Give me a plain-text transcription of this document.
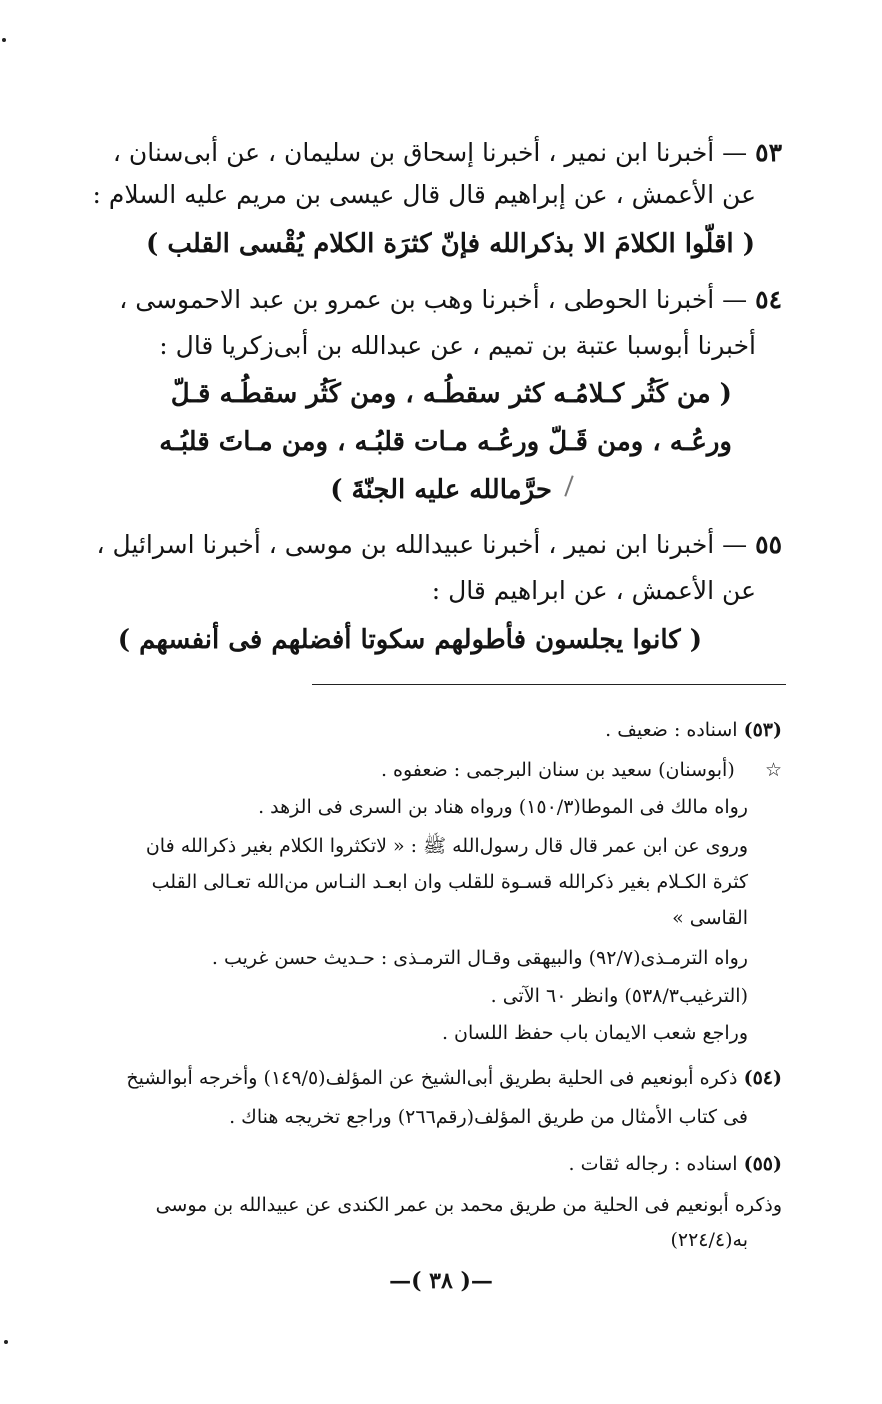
٥٣ — أخبرنا ابن نمير ، أخبرنا إسحاق بن سليمان ، عن أبى‌سنان ،
عن الأعمش ، عن إبراهيم قال قال عيسى بن مريم عليه السلام :
( اقلّوا الكلامَ الا بذكرالله فإنّ كثرَة الكلام يُقْسى القلب )
٥٤ — أخبرنا الحوطى ، أخبرنا وهب بن عمرو بن عبد الاحموسى ،
أخبرنا أبوسبا عتبة بن تميم ، عن عبدالله بن أبى‌زكريا قال :
( من كَثُر كـلامُـه كثر سقطُـه ، ومن كَثُر سقطُـه قـلّ
ورعُـه ، ومن قَـلّ ورعُـه مـات قلبُـه ، ومن مـاتَ قلبُـه
حرَّمالله عليه الجنّةَ )
٥٥ — أخبرنا ابن نمير ، أخبرنا عبيدالله بن موسى ، أخبرنا اسرائيل ،
عن الأعمش ، عن ابراهيم قال :
( كانوا يجلسون فأطولهم سكوتا أفضلهم فى أنفسهم )
(٥٣) اسناده : ضعيف .
☆     (أبوسنان) سعيد بن سنان البرجمى : ضعفوه .
رواه مالك فى الموطا(١٥٠/٣) ورواه هناد بن السرى فى الزهد .
وروى عن ابن عمر قال قال رسول‌الله ﷺ : « لاتكثروا الكلام بغير ذكرالله فان
كثرة الكـلام بغير ذكرالله قسـوة للقلب وان ابعـد النـاس من‌الله تعـالى القلب
القاسى »
رواه الترمـذى(٩٢/٧) والبيهقى وقـال الترمـذى : حـديث حسن غريب .
(الترغيب٥٣٨/٣) وانظر ٦٠ الآتى .
وراجع شعب الايمان باب حفظ اللسان .
(٥٤) ذكره أبونعيم فى الحلية بطريق أبى‌الشيخ عن المؤلف(١٤٩/٥) وأخرجه أبوالشيخ
فى كتاب الأمثال من طريق المؤلف(رقم٢٦٦) وراجع تخريجه هناك .
(٥٥) اسناده : رجاله ثقات .
وذكره أبونعيم فى الحلية من طريق محمد بن عمر الكندى عن عبيدالله بن موسى
به(٢٢٤/٤)
—( ٣٨ )—
